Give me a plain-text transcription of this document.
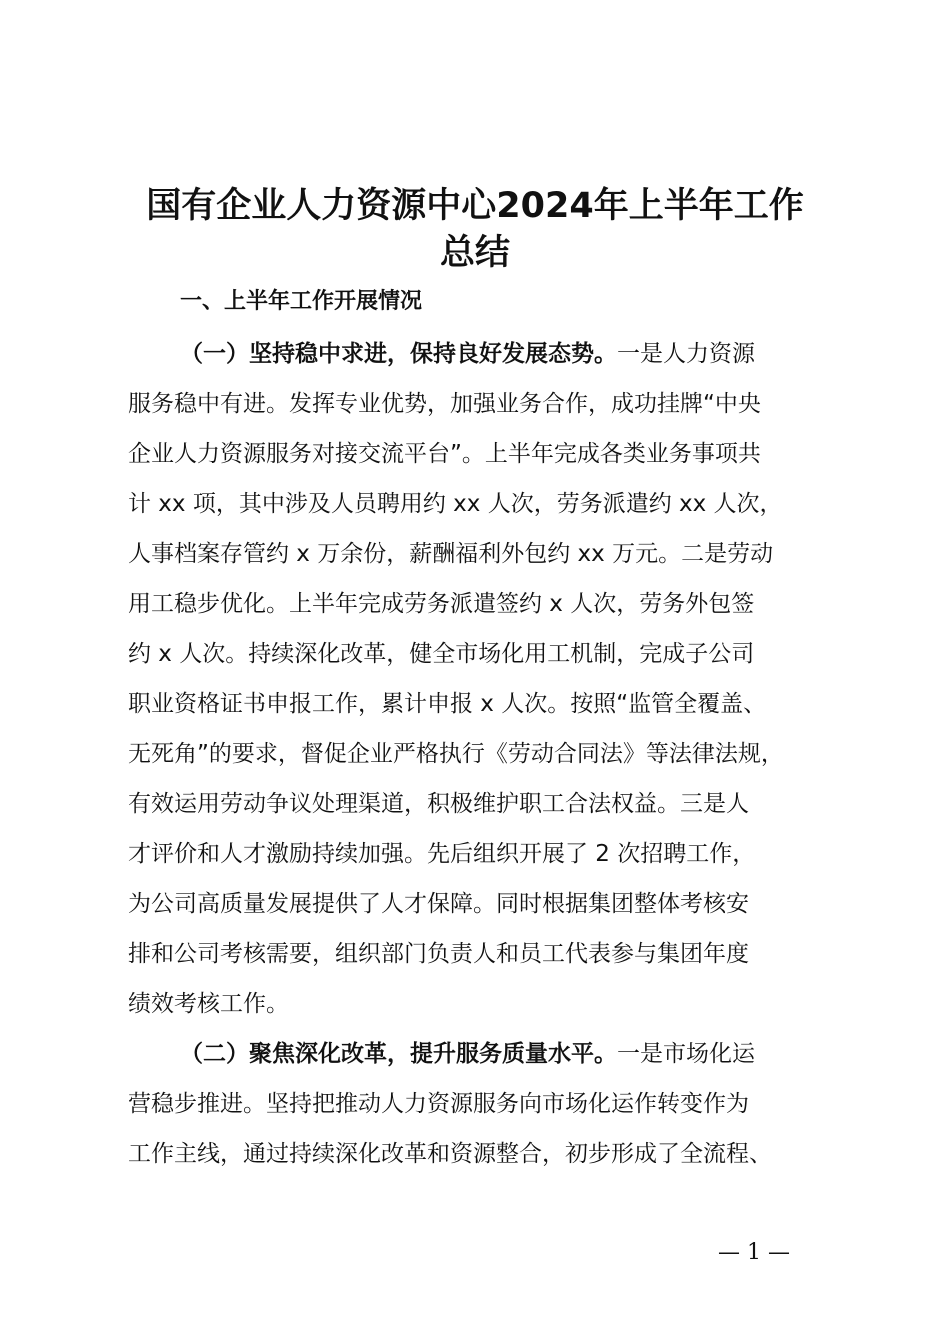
国有企业人力资源中心2024年上半年工作
总结
一、上半年工作开展情况
（一）坚持稳中求进，保持良好发展态势。一是人力资源
服务稳中有进。发挥专业优势，加强业务合作，成功挂牌“中央
企业人力资源服务对接交流平台”。上半年完成各类业务事项共
计 xx 项，其中涉及人员聘用约 xx 人次，劳务派遣约 xx 人次，
人事档案存管约 x 万余份，薪酬福利外包约 xx 万元。二是劳动
用工稳步优化。上半年完成劳务派遣签约 x 人次，劳务外包签
约 x 人次。持续深化改革，健全市场化用工机制，完成子公司
职业资格证书申报工作，累计申报 x 人次。按照“监管全覆盖、
无死角”的要求，督促企业严格执行《劳动合同法》等法律法规，
有效运用劳动争议处理渠道，积极维护职工合法权益。三是人
才评价和人才激励持续加强。先后组织开展了 2 次招聘工作，
为公司高质量发展提供了人才保障。同时根据集团整体考核安
排和公司考核需要，组织部门负责人和员工代表参与集团年度
绩效考核工作。
（二）聚焦深化改革，提升服务质量水平。一是市场化运
营稳步推进。坚持把推动人力资源服务向市场化运作转变作为
工作主线，通过持续深化改革和资源整合，初步形成了全流程、
— 1 —
